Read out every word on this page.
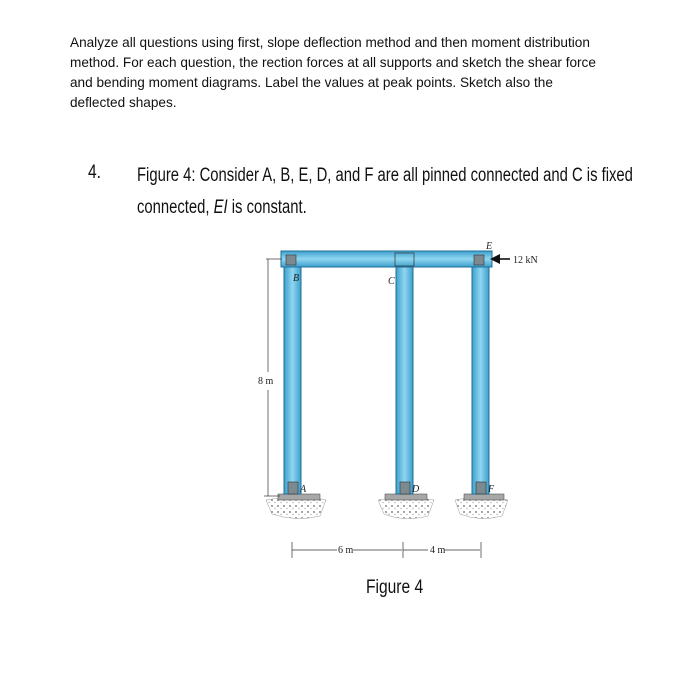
Analyze all questions using first, slope deflection method and then moment distribution
method. For each question, the rection forces at all supports and sketch the shear force
and bending moment diagrams. Label the values at peak points. Sketch also the
deflected shapes.
4. Figure 4: Consider A, B, E, D, and F are all pinned connected and C is fixed
connected, EI is constant.
12 kN
8 m
6 m	4 m
B	C
E
A	D	F
Figure 4
